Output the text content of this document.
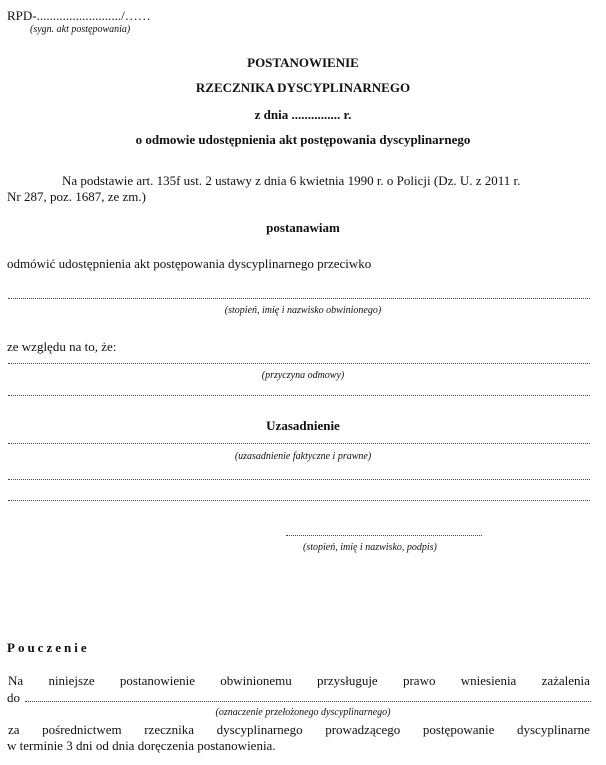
RPD-........................../……
(sygn. akt postępowania)
POSTANOWIENIE
RZECZNIKA DYSCYPLINARNEGO
z dnia ............... r.
o odmowie udostępnienia akt postępowania dyscyplinarnego
Na podstawie art. 135f ust. 2 ustawy z dnia 6 kwietnia 1990 r. o Policji (Dz. U. z 2011 r.
Nr 287, poz. 1687, ze zm.)
postanawiam
odmówić udostępnienia akt postępowania dyscyplinarnego przeciwko
(stopień, imię i nazwisko obwinionego)
ze względu na to, że:
(przyczyna odmowy)
Uzasadnienie
(uzasadnienie faktyczne i prawne)
(stopień, imię i nazwisko, podpis)
Pouczenie
Na niniejsze postanowienie obwinionemu przysługuje prawo wniesienia zażalenia
do
(oznaczenie przełożonego dyscyplinarnego)
za pośrednictwem rzecznika dyscyplinarnego prowadzącego postępowanie dyscyplinarne
w terminie 3 dni od dnia doręczenia postanowienia.
